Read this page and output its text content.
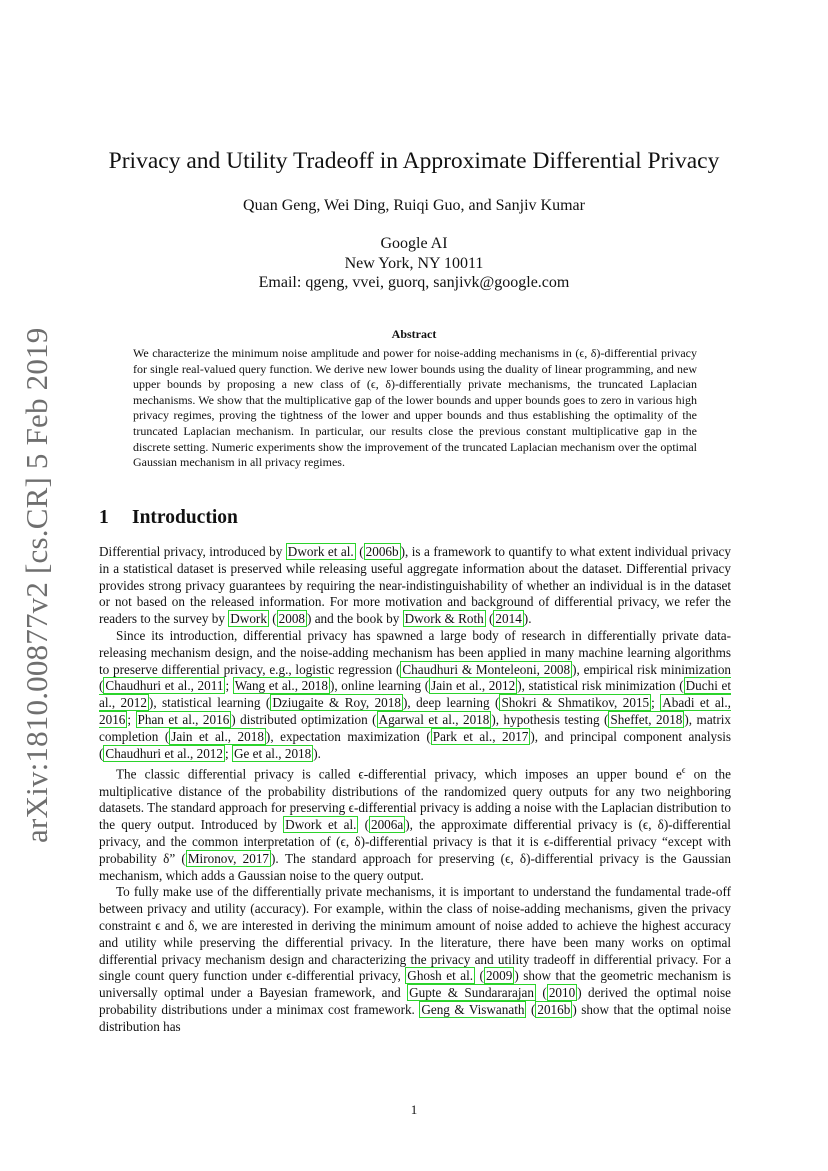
arXiv:1810.00877v2 [cs.CR] 5 Feb 2019
Privacy and Utility Tradeoff in Approximate Differential Privacy
Quan Geng, Wei Ding, Ruiqi Guo, and Sanjiv Kumar
Google AI
New York, NY 10011
Email: qgeng, vvei, guorq, sanjivk@google.com
Abstract
We characterize the minimum noise amplitude and power for noise-adding mechanisms in (ϵ, δ)-differential privacy for single real-valued query function. We derive new lower bounds using the duality of linear programming, and new upper bounds by proposing a new class of (ϵ, δ)-differentially private mechanisms, the truncated Laplacian mechanisms. We show that the multiplicative gap of the lower bounds and upper bounds goes to zero in various high privacy regimes, proving the tightness of the lower and upper bounds and thus establishing the optimality of the truncated Laplacian mechanism. In particular, our results close the previous constant multiplicative gap in the discrete setting. Numeric experiments show the improvement of the truncated Laplacian mechanism over the optimal Gaussian mechanism in all privacy regimes.
1 Introduction

Differential privacy, introduced by Dwork et al. ( 2006b ), is a framework to quantify to what extent individual privacy in a statistical dataset is preserved while releasing useful aggregate information about the dataset. Differential privacy provides strong privacy guarantees by requiring the near-indistinguishability of whether an individual is in the dataset or not based on the released information. For more motivation and background of differential privacy, we refer the readers to the survey by Dwork ( 2008 ) and the book by Dwork & Roth ( 2014 ).

Since its introduction, differential privacy has spawned a large body of research in differentially private data-releasing mechanism design, and the noise-adding mechanism has been applied in many machine learning algorithms to preserve differential privacy, e.g., logistic regression ( Chaudhuri & Monteleoni, 2008 ), empirical risk minimization ( Chaudhuri et al., 2011 ; Wang et al., 2018 ), online learning ( Jain et al., 2012 ), statistical risk minimization ( Duchi et al., 2012 ), statistical learning ( Dziugaite & Roy, 2018 ), deep learning ( Shokri & Shmatikov, 2015 ; Abadi et al., 2016 ; Phan et al., 2016 ) distributed optimization ( Agarwal et al., 2018 ), hypothesis testing ( Sheffet, 2018 ), matrix completion ( Jain et al., 2018 ), expectation maximization ( Park et al., 2017 ), and principal component analysis ( Chaudhuri et al., 2012 ; Ge et al., 2018 ).

The classic differential privacy is called ϵ-differential privacy, which imposes an upper bound $e^\epsilon$ on the multiplicative distance of the probability distributions of the randomized query outputs for any two neighboring datasets. The standard approach for preserving ϵ-differential privacy is adding a noise with the Laplacian distribution to the query output. Introduced by Dwork et al. ( 2006a ), the approximate differential privacy is (ϵ, δ)-differential privacy, and the common interpretation of (ϵ, δ)-differential privacy is that it is ϵ-differential privacy “except with probability δ” ( Mironov, 2017 ). The standard approach for preserving (ϵ, δ)-differential privacy is the Gaussian mechanism, which adds a Gaussian noise to the query output.

To fully make use of the differentially private mechanisms, it is important to understand the fundamental trade-off between privacy and utility (accuracy). For example, within the class of noise-adding mechanisms, given the privacy constraint ϵ and δ, we are interested in deriving the minimum amount of noise added to achieve the highest accuracy and utility while preserving the differential privacy. In the literature, there have been many works on optimal differential privacy mechanism design and characterizing the privacy and utility tradeoff in differential privacy. For a single count query function under ϵ-differential privacy, Ghosh et al. ( 2009 ) show that the geometric mechanism is universally optimal under a Bayesian framework, and Gupte & Sundararajan ( 2010 ) derived the optimal noise probability distributions under a minimax cost framework. Geng & Viswanath ( 2016b ) show that the optimal noise distribution has

1
